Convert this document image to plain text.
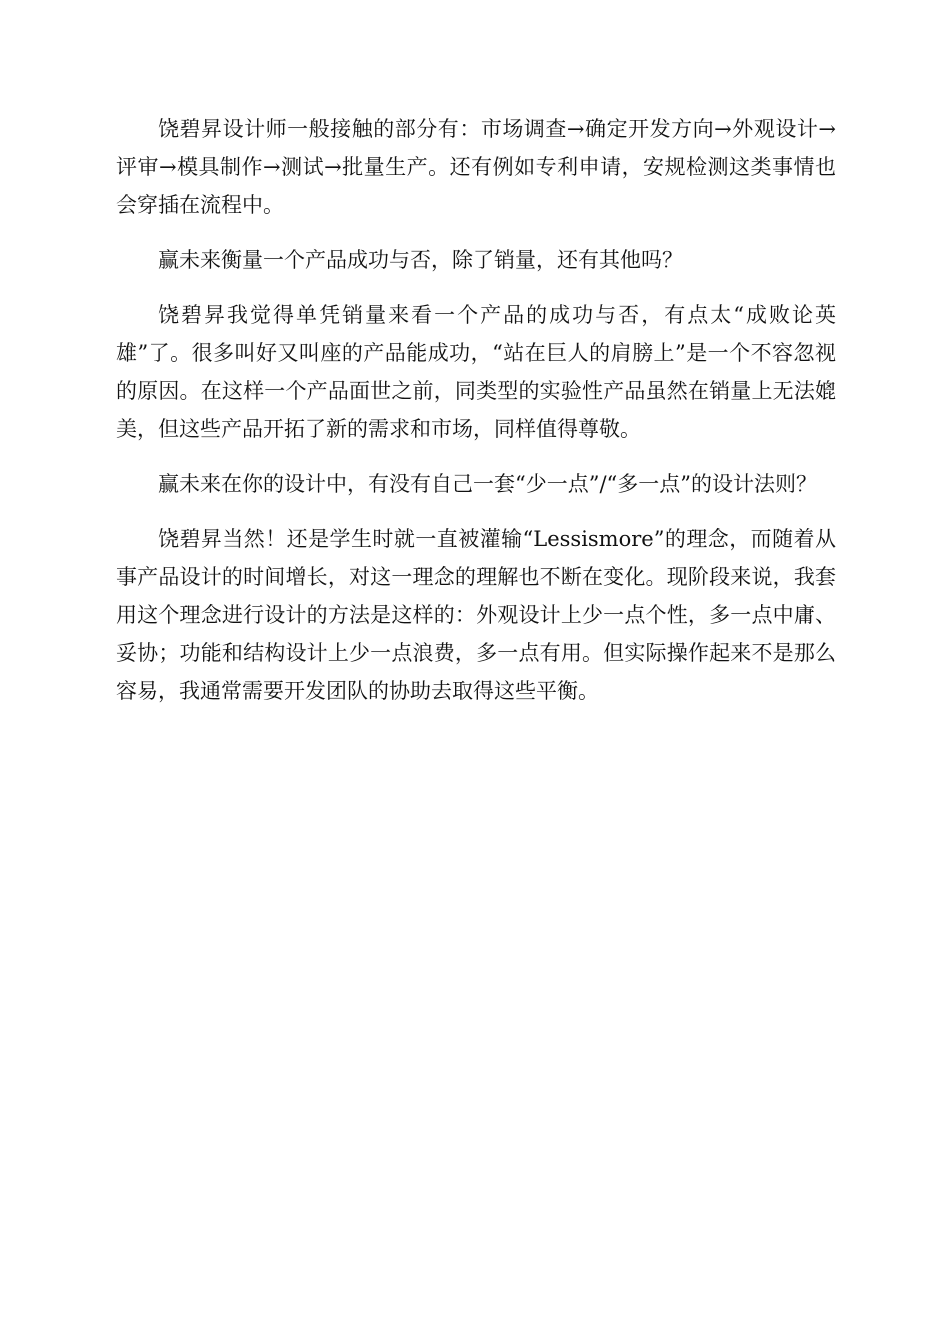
饶碧昇设计师一般接触的部分有：市场调查→确定开发方向→外观设计→评审→模具制作→测试→批量生产。还有例如专利申请，安规检测这类事情也会穿插在流程中。

赢未来衡量一个产品成功与否，除了销量，还有其他吗？

饶碧昇我觉得单凭销量来看一个产品的成功与否，有点太“成败论英雄”了。很多叫好又叫座的产品能成功，“站在巨人的肩膀上”是一个不容忽视的原因。在这样一个产品面世之前，同类型的实验性产品虽然在销量上无法媲美，但这些产品开拓了新的需求和市场，同样值得尊敬。

赢未来在你的设计中，有没有自己一套“少一点”/“多一点”的设计法则？

饶碧昇当然！还是学生时就一直被灌输“Lessismore”的理念，而随着从事产品设计的时间增长，对这一理念的理解也不断在变化。现阶段来说，我套用这个理念进行设计的方法是这样的：外观设计上少一点个性，多一点中庸、妥协；功能和结构设计上少一点浪费，多一点有用。但实际操作起来不是那么容易，我通常需要开发团队的协助去取得这些平衡。
